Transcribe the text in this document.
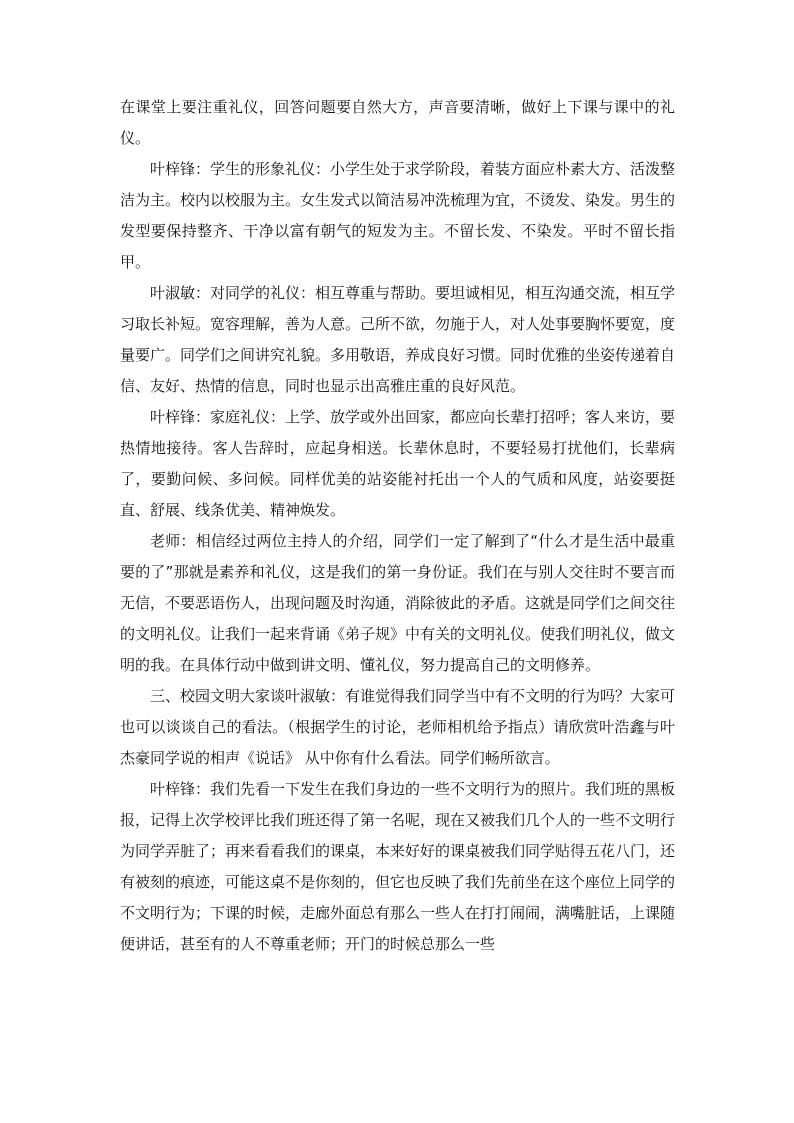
在课堂上要注重礼仪，回答问题要自然大方，声音要清晰，做好上下课与课中的礼仪。

叶梓锋：学生的形象礼仪：小学生处于求学阶段，着装方面应朴素大方、活泼整洁为主。校内以校服为主。女生发式以简洁易冲洗梳理为宜，不烫发、染发。男生的发型要保持整齐、干净以富有朝气的短发为主。不留长发、不染发。平时不留长指甲。

叶淑敏：对同学的礼仪：相互尊重与帮助。要坦诚相见，相互沟通交流，相互学习取长补短。宽容理解，善为人意。己所不欲，勿施于人，对人处事要胸怀要宽，度量要广。同学们之间讲究礼貌。多用敬语，养成良好习惯。同时优雅的坐姿传递着自信、友好、热情的信息，同时也显示出高雅庄重的良好风范。

叶梓锋：家庭礼仪：上学、放学或外出回家，都应向长辈打招呼；客人来访，要热情地接待。客人告辞时，应起身相送。长辈休息时，不要轻易打扰他们，长辈病了，要勤问候、多问候。同样优美的站姿能衬托出一个人的气质和风度，站姿要挺直、舒展、线条优美、精神焕发。

老师：相信经过两位主持人的介绍，同学们一定了解到了“什么才是生活中最重要的了”那就是素养和礼仪，这是我们的第一身份证。我们在与别人交往时不要言而无信，不要恶语伤人，出现问题及时沟通，消除彼此的矛盾。这就是同学们之间交往的文明礼仪。让我们一起来背诵《弟子规》中有关的文明礼仪。使我们明礼仪，做文明的我。在具体行动中做到讲文明、懂礼仪，努力提高自己的文明修养。

三、校园文明大家谈叶淑敏：有谁觉得我们同学当中有不文明的行为吗？大家可也可以谈谈自己的看法。（根据学生的讨论，老师相机给予指点）请欣赏叶浩鑫与叶杰豪同学说的相声《说话》 从中你有什么看法。同学们畅所欲言。

叶梓锋：我们先看一下发生在我们身边的一些不文明行为的照片。我们班的黑板报，记得上次学校评比我们班还得了第一名呢，现在又被我们几个人的一些不文明行为同学弄脏了；再来看看我们的课桌，本来好好的课桌被我们同学贴得五花八门，还有被刻的痕迹，可能这桌不是你刻的，但它也反映了我们先前坐在这个座位上同学的不文明行为；下课的时候，走廊外面总有那么一些人在打打闹闹，满嘴脏话，上课随便讲话，甚至有的人不尊重老师；开门的时候总那么一些
